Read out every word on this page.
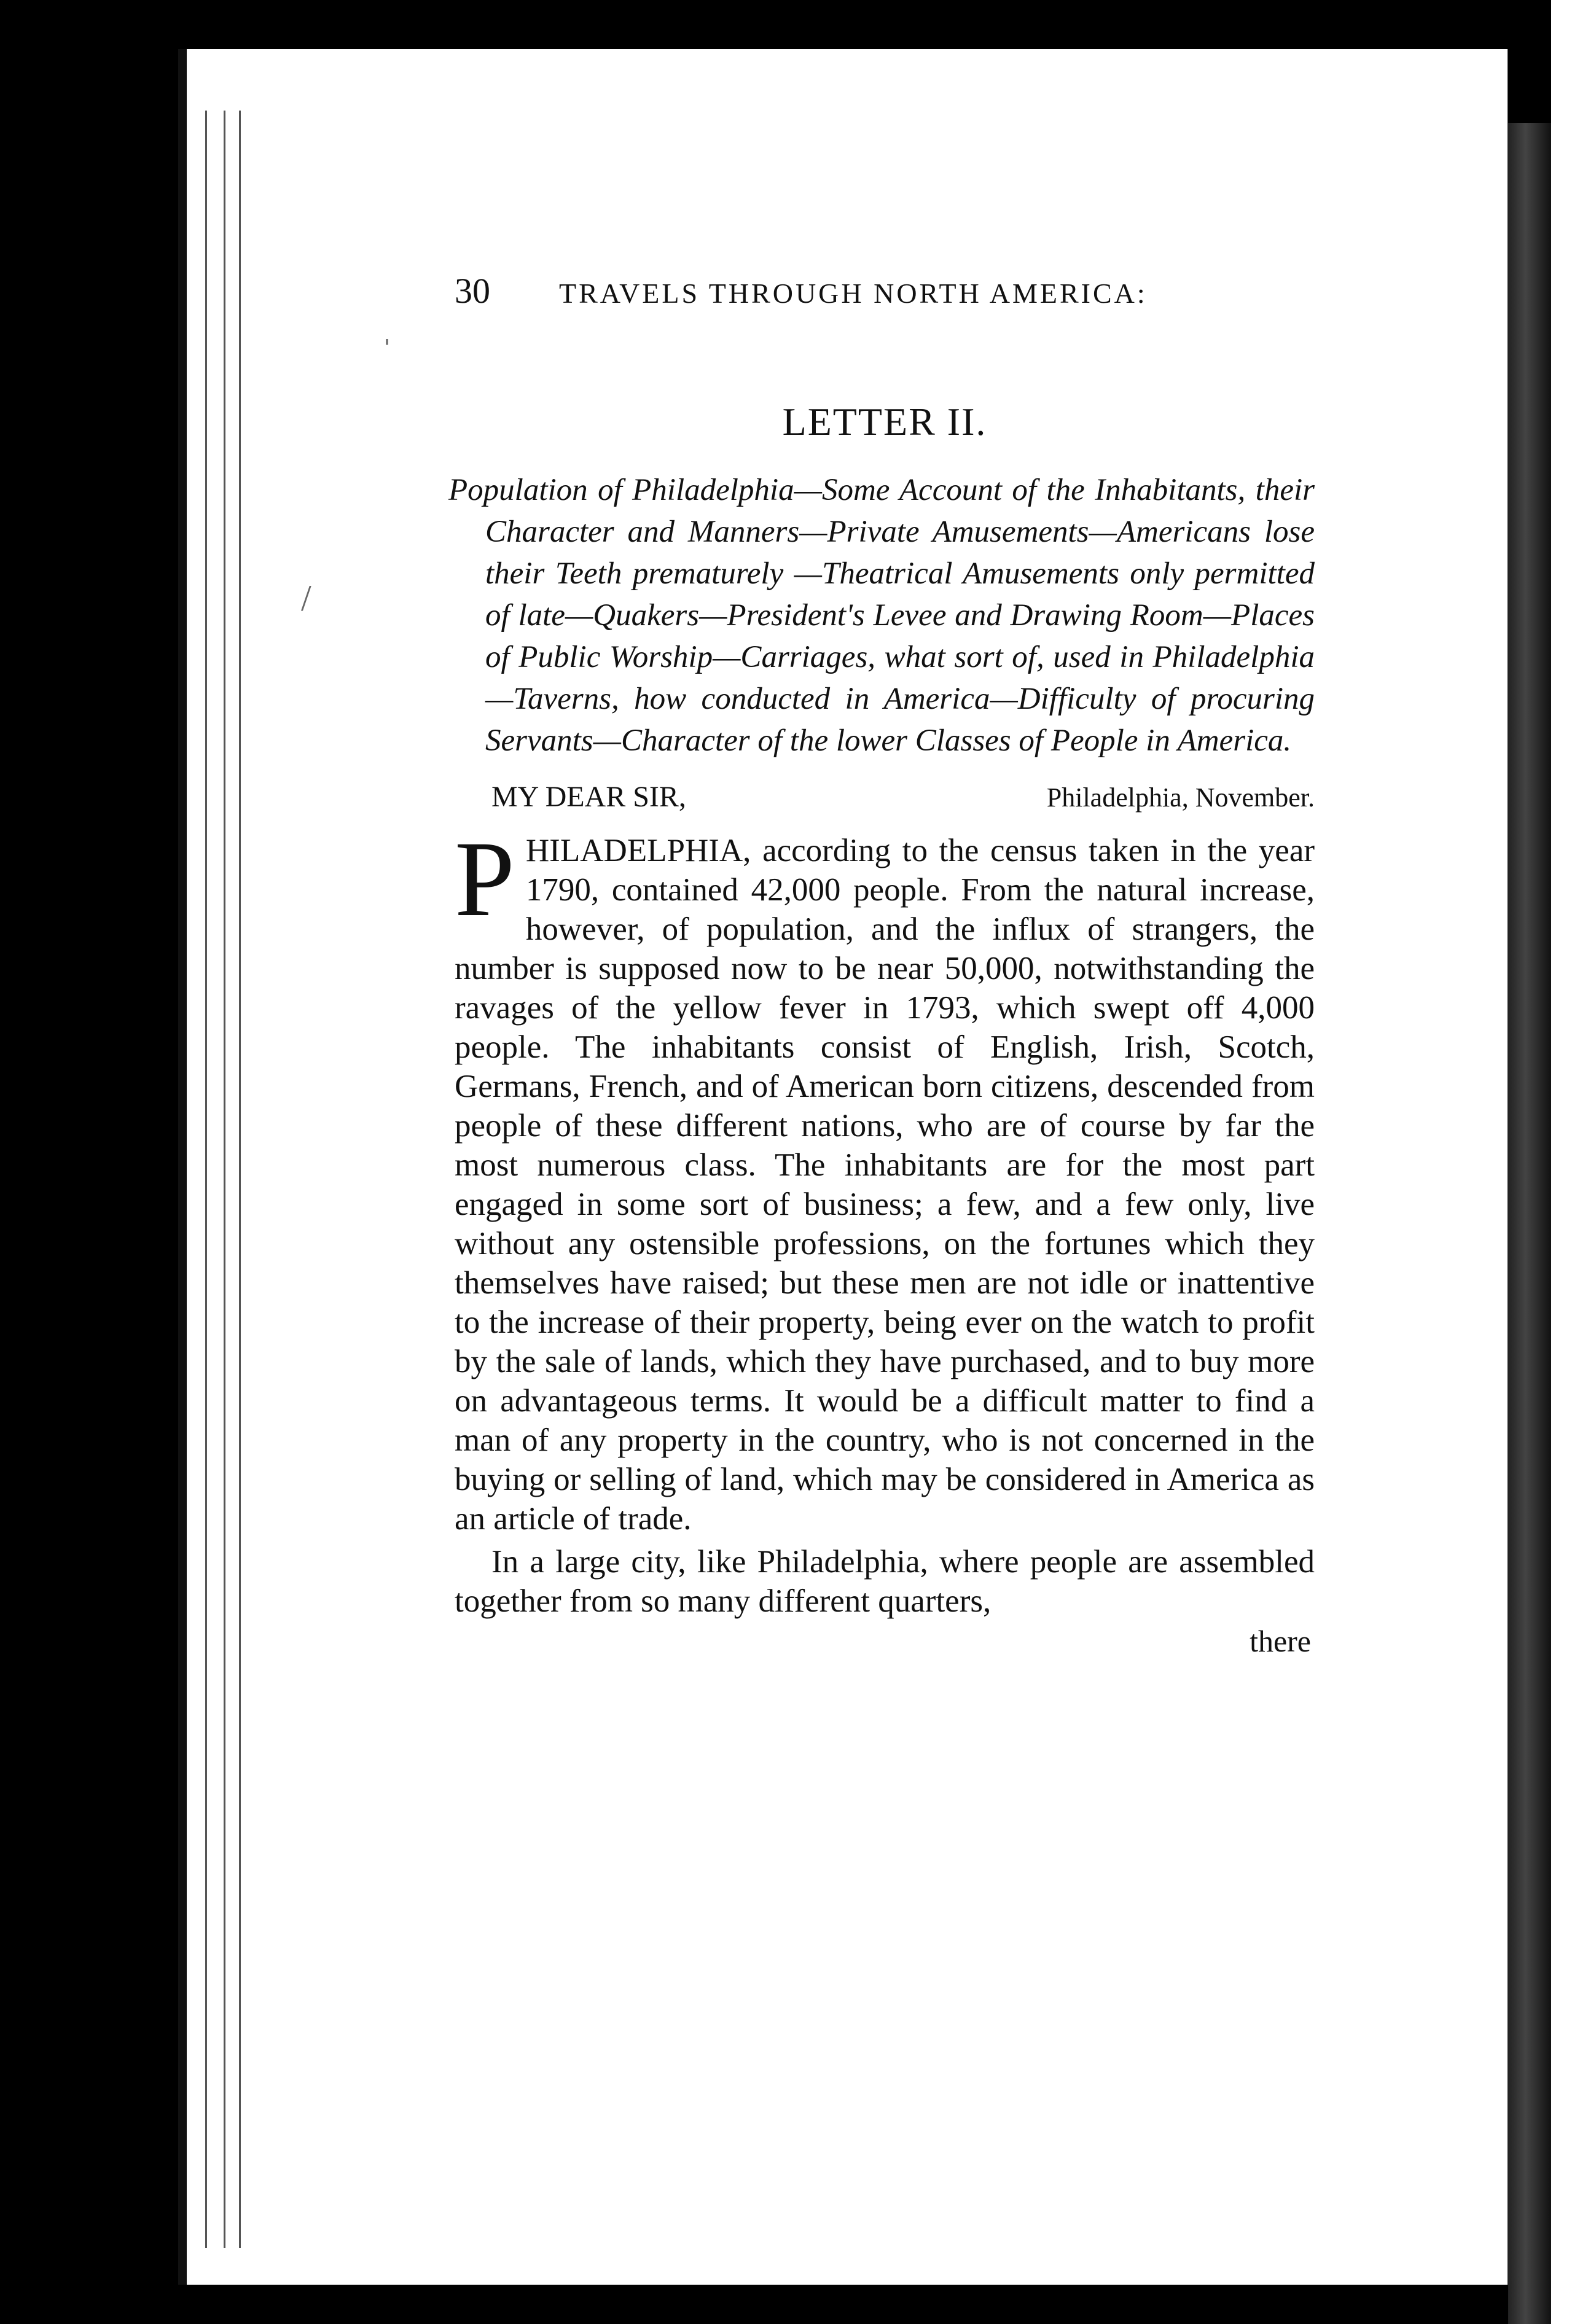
ˈ
/
30	TRAVELS THROUGH NORTH AMERICA:
LETTER II.

Population of Philadelphia—Some Account of the Inhabitants, their Character and Manners—Private Amusements—Americans lose their Teeth prematurely —Theatrical Amusements only permitted of late—Quakers—President's Levee and Drawing Room—Places of Public Worship—Carriages, what sort of, used in Philadelphia—Taverns, how conducted in America—Difficulty of procuring Servants—Character of the lower Classes of People in America.

MY DEAR SIR,	Philadelphia, November.

PHILADELPHIA, according to the census taken in the year 1790, contained 42,000 people. From the natural increase, however, of population, and the influx of strangers, the number is supposed now to be near 50,000, notwithstanding the ravages of the yellow fever in 1793, which swept off 4,000 people. The inhabitants consist of English, Irish, Scotch, Germans, French, and of American born citizens, descended from people of these different nations, who are of course by far the most numerous class. The inhabitants are for the most part engaged in some sort of business; a few, and a few only, live without any ostensible professions, on the fortunes which they themselves have raised; but these men are not idle or inattentive to the increase of their property, being ever on the watch to profit by the sale of lands, which they have purchased, and to buy more on advantageous terms. It would be a difficult matter to find a man of any property in the country, who is not concerned in the buying or selling of land, which may be considered in America as an article of trade.

In a large city, like Philadelphia, where people are assembled together from so many different quarters,

there
